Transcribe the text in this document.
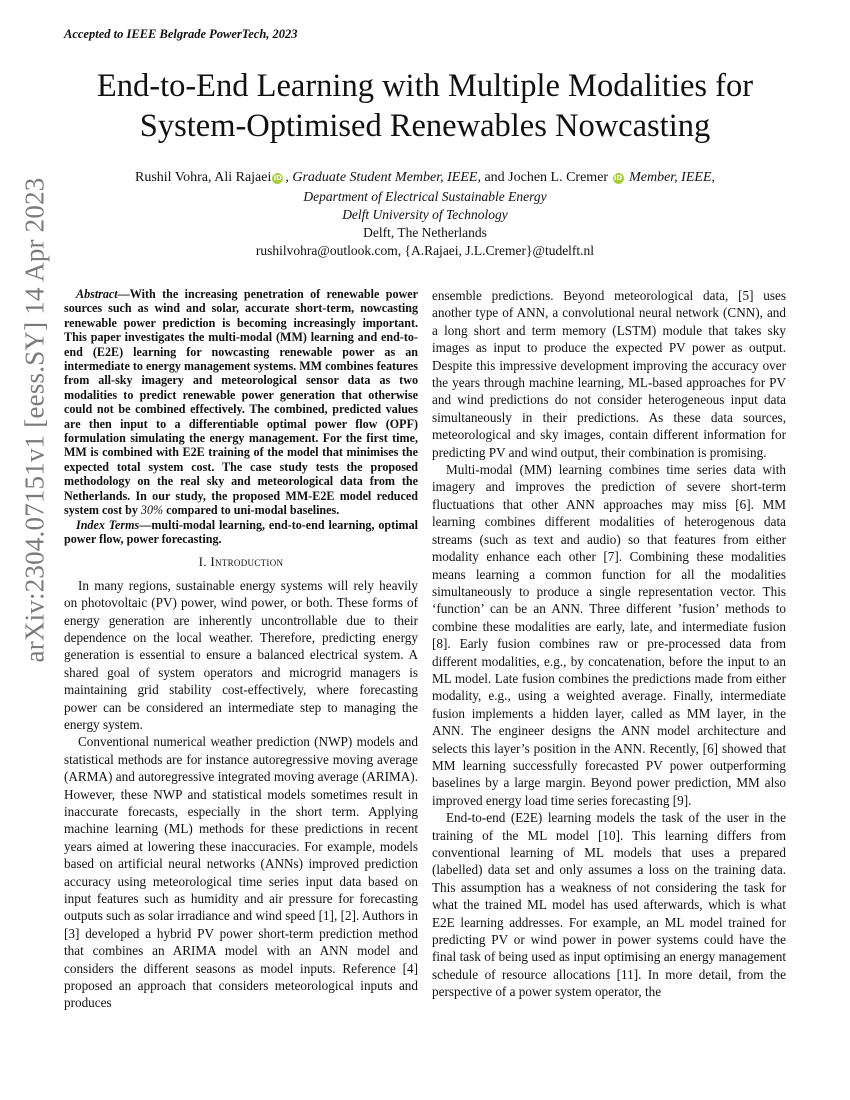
Accepted to IEEE Belgrade PowerTech, 2023
arXiv:2304.07151v1 [eess.SY] 14 Apr 2023
End-to-End Learning with Multiple Modalities for
System-Optimised Renewables Nowcasting
Rushil Vohra, Ali Rajaei iD , Graduate Student Member, IEEE, and Jochen L. Cremer iD Member, IEEE,
Department of Electrical Sustainable Energy
Delft University of Technology
Delft, The Netherlands
rushilvohra@outlook.com, {A.Rajaei, J.L.Cremer}@tudelft.nl

Abstract—With the increasing penetration of renewable power sources such as wind and solar, accurate short-term, nowcasting renewable power prediction is becoming increasingly important. This paper investigates the multi-modal (MM) learning and end-to-end (E2E) learning for nowcasting renewable power as an intermediate to energy management systems. MM combines features from all-sky imagery and meteorological sensor data as two modalities to predict renewable power generation that otherwise could not be combined effectively. The combined, predicted values are then input to a differentiable optimal power flow (OPF) formulation simulating the energy management. For the first time, MM is combined with E2E training of the model that minimises the expected total system cost. The case study tests the proposed methodology on the real sky and meteorological data from the Netherlands. In our study, the proposed MM-E2E model reduced system cost by 30% compared to uni-modal baselines.

Index Terms—multi-modal learning, end-to-end learning, optimal power flow, power forecasting.

I. Introduction

In many regions, sustainable energy systems will rely heavily on photovoltaic (PV) power, wind power, or both. These forms of energy generation are inherently uncontrollable due to their dependence on the local weather. Therefore, predicting energy generation is essential to ensure a balanced electrical system. A shared goal of system operators and microgrid managers is maintaining grid stability cost-effectively, where forecasting power can be considered an intermediate step to managing the energy system.

Conventional numerical weather prediction (NWP) models and statistical methods are for instance autoregressive moving average (ARMA) and autoregressive integrated moving average (ARIMA). However, these NWP and statistical models sometimes result in inaccurate forecasts, especially in the short term. Applying machine learning (ML) methods for these predictions in recent years aimed at lowering these inaccuracies. For example, models based on artificial neural networks (ANNs) improved prediction accuracy using meteorological time series input data based on input features such as humidity and air pressure for forecasting outputs such as solar irradiance and wind speed [1], [2]. Authors in [3] developed a hybrid PV power short-term prediction method that combines an ARIMA model with an ANN model and considers the different seasons as model inputs. Reference [4] proposed an approach that considers meteorological inputs and produces

ensemble predictions. Beyond meteorological data, [5] uses another type of ANN, a convolutional neural network (CNN), and a long short and term memory (LSTM) module that takes sky images as input to produce the expected PV power as output. Despite this impressive development improving the accuracy over the years through machine learning, ML-based approaches for PV and wind predictions do not consider heterogeneous input data simultaneously in their predictions. As these data sources, meteorological and sky images, contain different information for predicting PV and wind output, their combination is promising.

Multi-modal (MM) learning combines time series data with imagery and improves the prediction of severe short-term fluctuations that other ANN approaches may miss [6]. MM learning combines different modalities of heterogenous data streams (such as text and audio) so that features from either modality enhance each other [7]. Combining these modalities means learning a common function for all the modalities simultaneously to produce a single representation vector. This ‘function’ can be an ANN. Three different ’fusion’ methods to combine these modalities are early, late, and intermediate fusion [8]. Early fusion combines raw or pre-processed data from different modalities, e.g., by concatenation, before the input to an ML model. Late fusion combines the predictions made from either modality, e.g., using a weighted average. Finally, intermediate fusion implements a hidden layer, called as MM layer, in the ANN. The engineer designs the ANN model architecture and selects this layer’s position in the ANN. Recently, [6] showed that MM learning successfully forecasted PV power outperforming baselines by a large margin. Beyond power prediction, MM also improved energy load time series forecasting [9].

End-to-end (E2E) learning models the task of the user in the training of the ML model [10]. This learning differs from conventional learning of ML models that uses a prepared (labelled) data set and only assumes a loss on the training data. This assumption has a weakness of not considering the task for what the trained ML model has used afterwards, which is what E2E learning addresses. For example, an ML model trained for predicting PV or wind power in power systems could have the final task of being used as input optimising an energy management schedule of resource allocations [11]. In more detail, from the perspective of a power system operator, the
